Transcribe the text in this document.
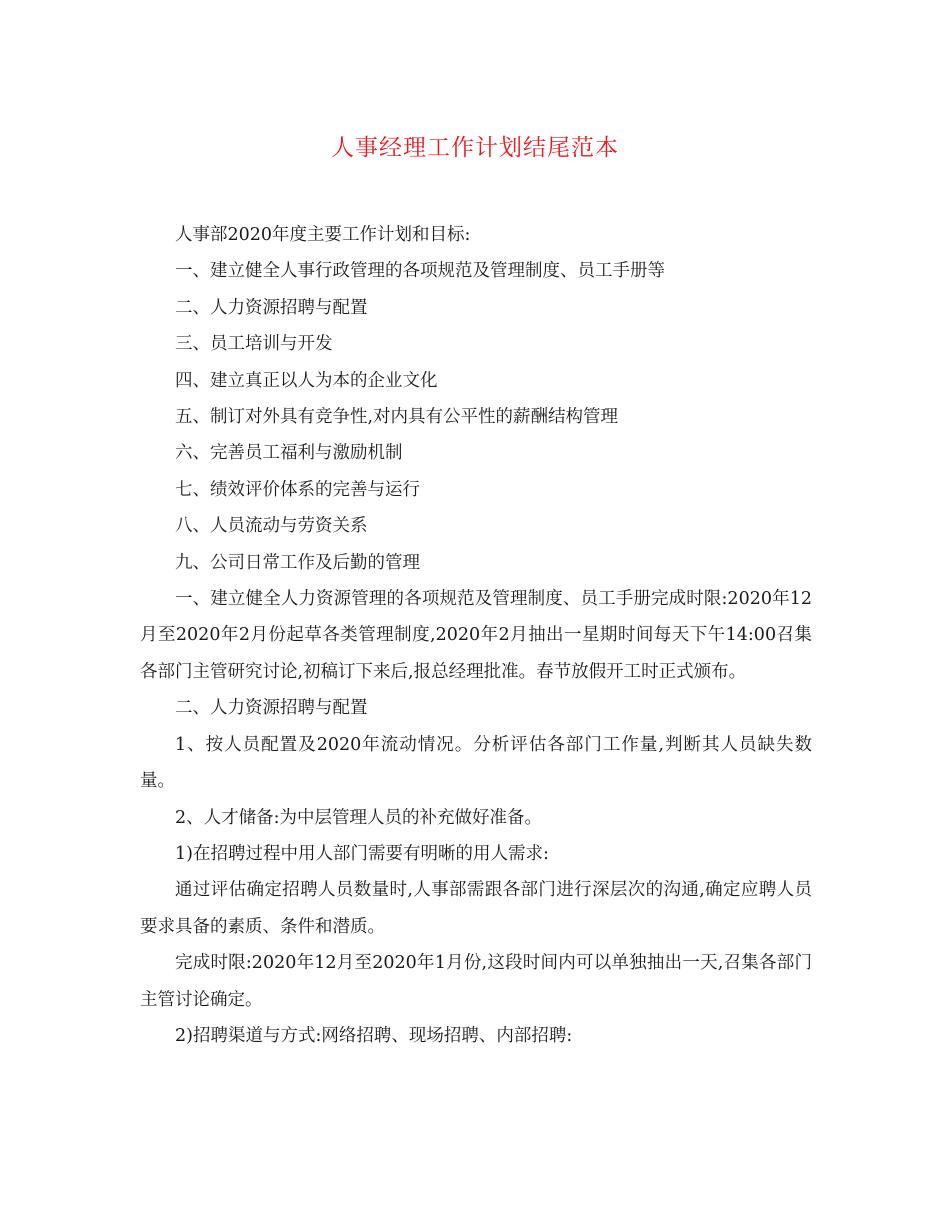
人事经理工作计划结尾范本

人事部2020年度主要工作计划和目标:

一、建立健全人事行政管理的各项规范及管理制度、员工手册等

二、人力资源招聘与配置

三、员工培训与开发

四、建立真正以人为本的企业文化

五、制订对外具有竞争性,对内具有公平性的薪酬结构管理

六、完善员工福利与激励机制

七、绩效评价体系的完善与运行

八、人员流动与劳资关系

九、公司日常工作及后勤的管理

一、建立健全人力资源管理的各项规范及管理制度、员工手册完成时限:2020年12月至2020年2月份起草各类管理制度,2020年2月抽出一星期时间每天下午14:00召集各部门主管研究讨论,初稿订下来后,报总经理批准。春节放假开工时正式颁布。

二、人力资源招聘与配置

1、按人员配置及2020年流动情况。分析评估各部门工作量,判断其人员缺失数量。

2、人才储备:为中层管理人员的补充做好准备。

1)在招聘过程中用人部门需要有明晰的用人需求:

通过评估确定招聘人员数量时,人事部需跟各部门进行深层次的沟通,确定应聘人员要求具备的素质、条件和潜质。

完成时限:2020年12月至2020年1月份,这段时间内可以单独抽出一天,召集各部门主管讨论确定。

2)招聘渠道与方式:网络招聘、现场招聘、内部招聘:
